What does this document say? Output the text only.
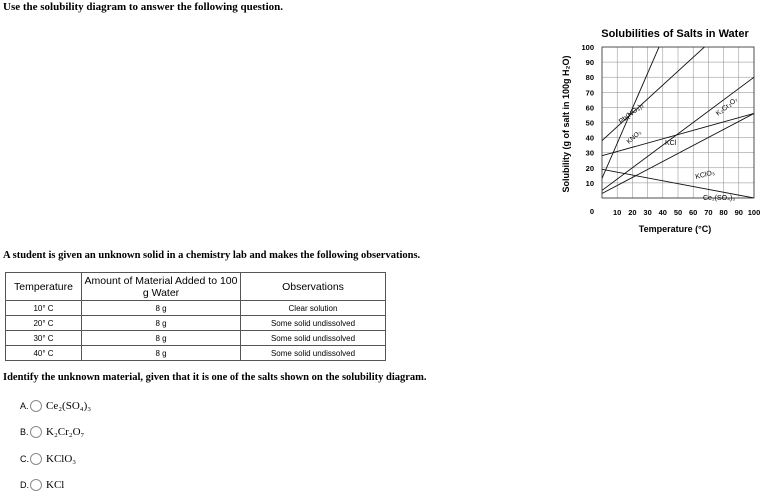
Use the solubility diagram to answer the following question.
Solubilities of Salts in Water
Solubility (g of salt in 100g H₂O)
Temperature (°C)
0
10
20
30
40
50
60
70
80
90
100
10 20 30 40 50 60 70 80 90 100
Pb(NO₃)₂
KNO₃	KCl
K₂Cr₂O₇
KClO₃
Ce₂(SO₄)₃
A student is given an unknown solid in a chemistry lab and makes the following observations.
Temperature	Amount of Material Added to 100 g Water	Observations
10° C	8 g	Clear solution
20° C	8 g	Some solid undissolved
30° C	8 g	Some solid undissolved
40° C	8 g	Some solid undissolved
Identify the unknown material, given that it is one of the salts shown on the solubility diagram.
A. Ce₂(SO₄)₃
B. K₂Cr₂O₇
C. KClO₃
D. KCl
